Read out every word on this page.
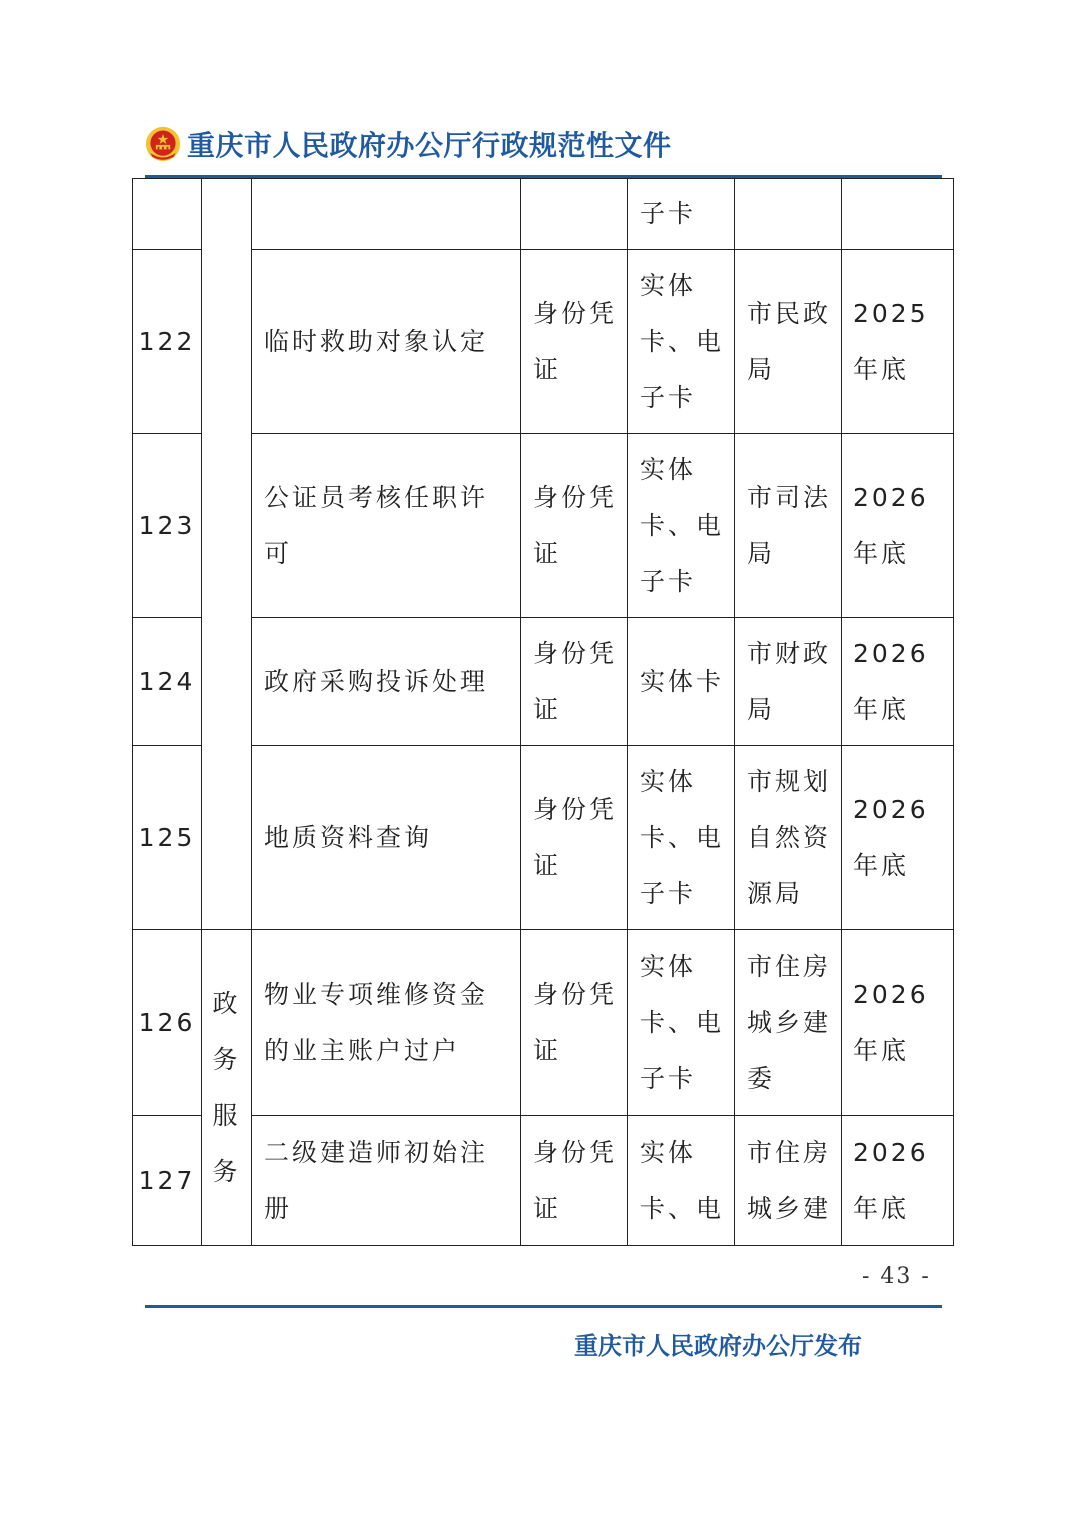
重庆市人民政府办公厅行政规范性文件
				子卡		
122		临时救助对象认定	身份凭证	实体卡、电子卡	市民政局	2025 年底
123		公证员考核任职许可	身份凭证	实体卡、电子卡	市司法局	2026 年底
124		政府采购投诉处理	身份凭证	实体卡	市财政局	2026 年底
125		地质资料查询	身份凭证	实体卡、电子卡	市规划自然资源局	2026 年底
126	政务服务	物业专项维修资金的业主账户过户	身份凭证	实体卡、电子卡	市住房城乡建委	2026 年底
127		二级建造师初始注册	身份凭证	实体卡、电	市住房城乡建	2026 年底
- 43 -
重庆市人民政府办公厅发布
